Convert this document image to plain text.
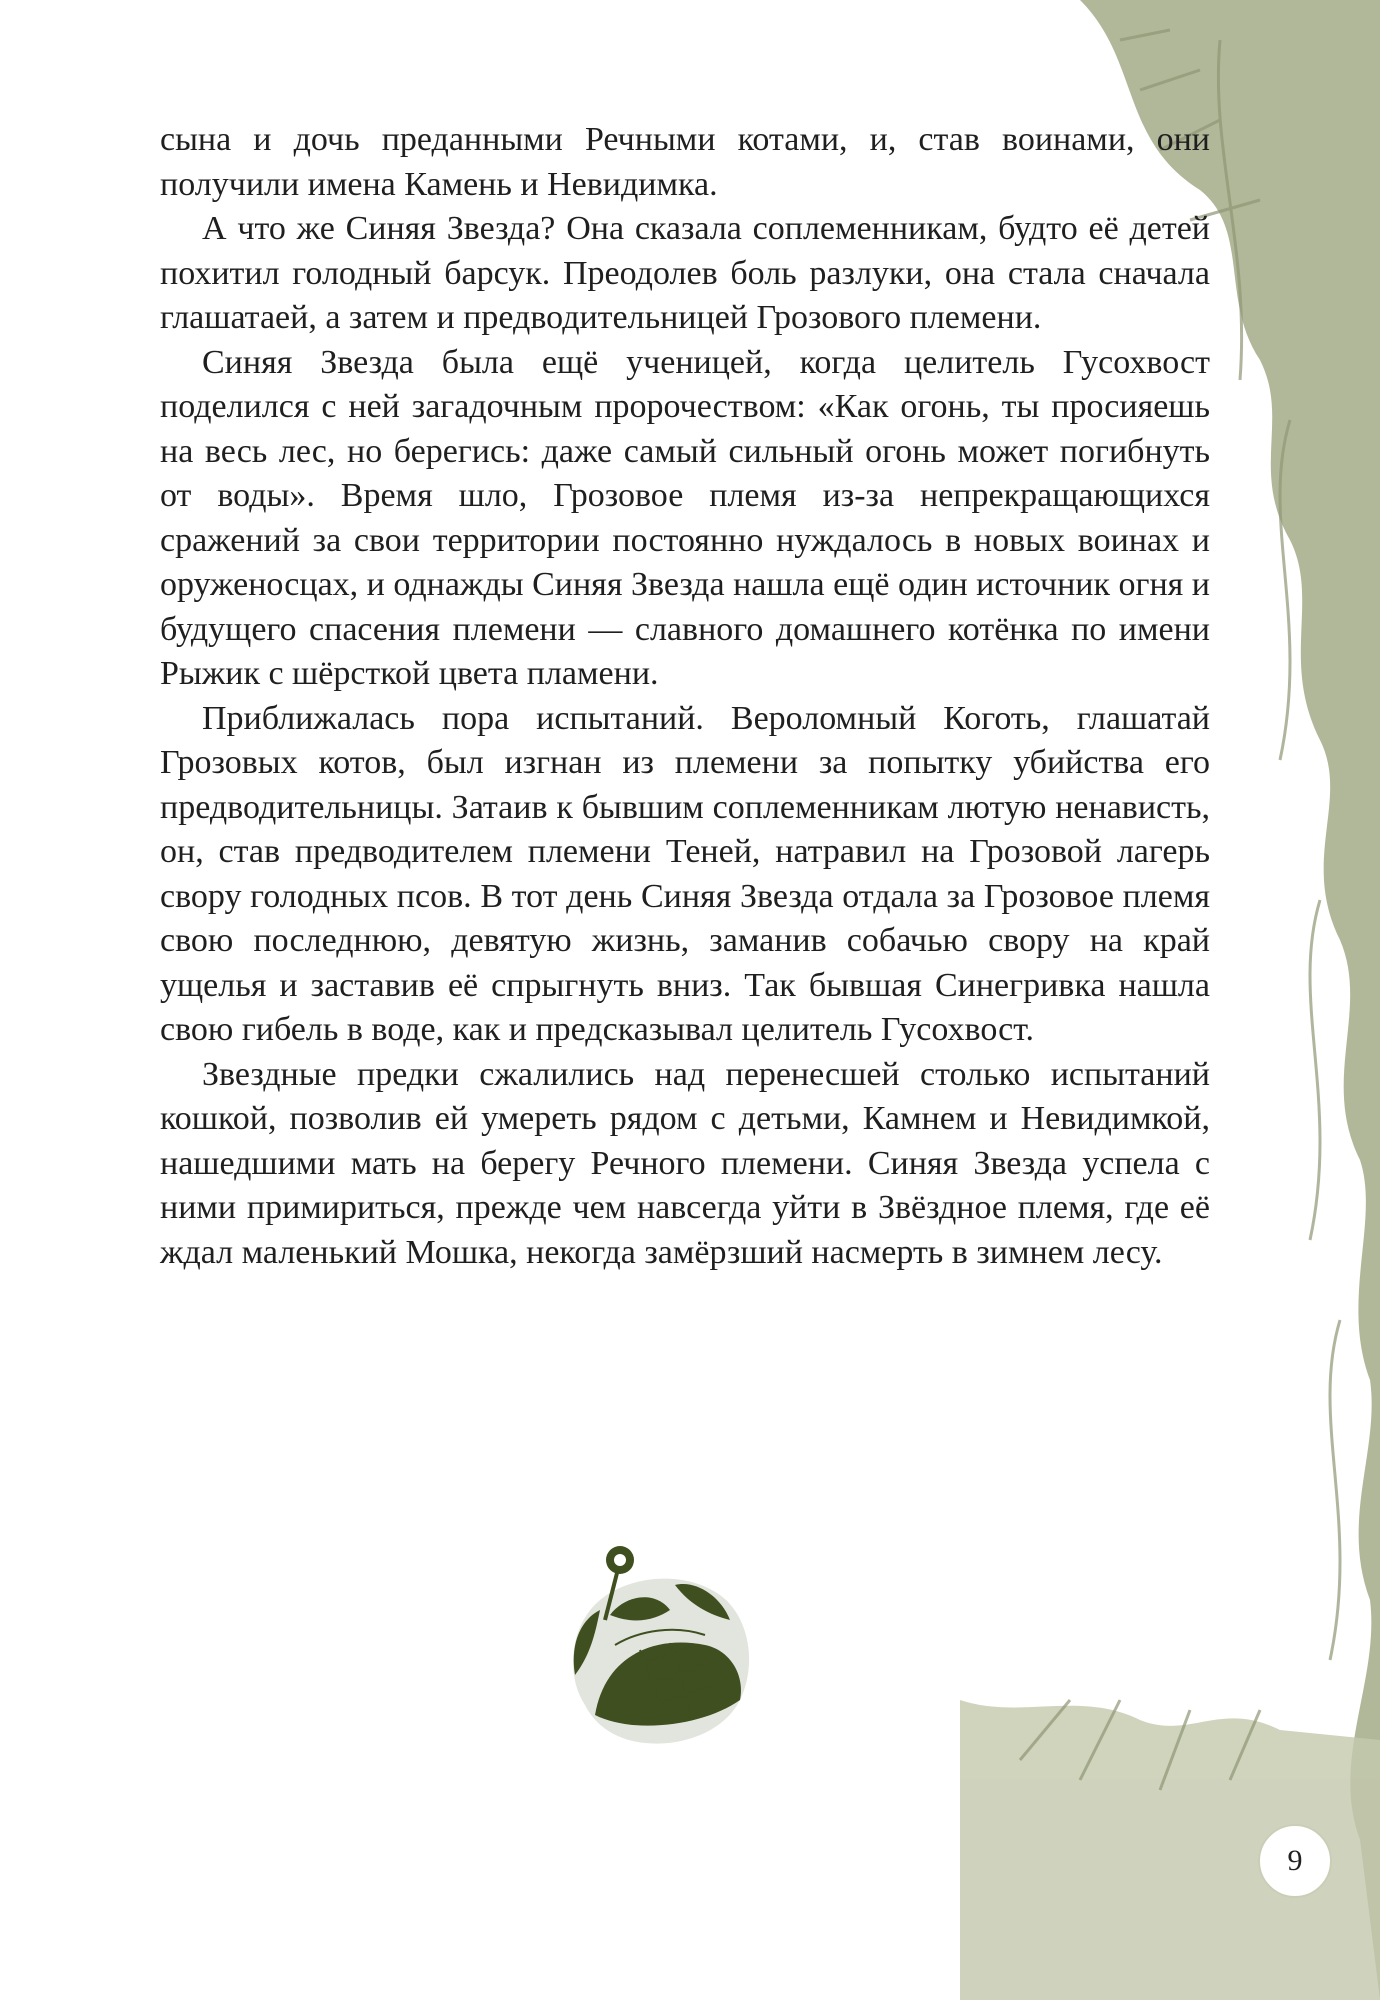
сына и дочь преданными Речными котами, и, став воинами, они получили имена Камень и Невидимка.

А что же Синяя Звезда? Она сказала соплеменникам, будто её детей похитил голодный барсук. Преодолев боль разлуки, она стала сначала глашатаей, а затем и предводительницей Грозового племени.

Синяя Звезда была ещё ученицей, когда целитель Гусохвост поделился с ней загадочным пророчеством: «Как огонь, ты просияешь на весь лес, но берегись: даже самый сильный огонь может погибнуть от воды». Время шло, Грозовое племя из-за непрекращающихся сражений за свои территории постоянно нуждалось в новых воинах и оруженосцах, и однажды Синяя Звезда нашла ещё один источник огня и будущего спасения племени — славного домашнего котёнка по имени Рыжик с шёрсткой цвета пламени.

Приближалась пора испытаний. Вероломный Коготь, глашатай Грозовых котов, был изгнан из племени за попытку убийства его предводительницы. Затаив к бывшим соплеменникам лютую ненависть, он, став предводителем племени Теней, натравил на Грозовой лагерь свору голодных псов. В тот день Синяя Звезда отдала за Грозовое племя свою последнюю, девятую жизнь, заманив собачью свору на край ущелья и заставив её спрыгнуть вниз. Так бывшая Синегривка нашла свою гибель в воде, как и предсказывал целитель Гусохвост.

Звездные предки сжалились над перенесшей столько испытаний кошкой, позволив ей умереть рядом с детьми, Камнем и Невидимкой, нашедшими мать на берегу Речного племени. Синяя Звезда успела с ними примириться, прежде чем навсегда уйти в Звёздное племя, где её ждал маленький Мошка, некогда замёрзший насмерть в зимнем лесу.

9
